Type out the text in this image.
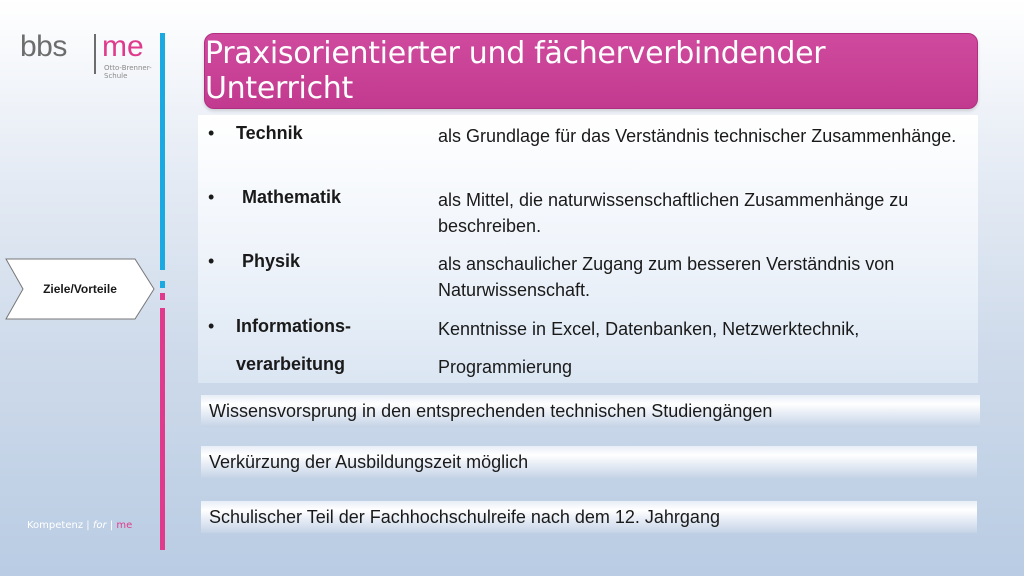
bbs me
Otto-Brenner-Schule
Ziele/Vorteile
Kompetenz | for | me
Praxisorientierter und fächerverbindender Unterricht
• Technik	als Grundlage für das Verständnis technischer Zusammenhänge.
• Mathematik	als Mittel, die naturwissenschaftlichen Zusammenhänge zu beschreiben.
• Physik	als anschaulicher Zugang zum besseren Verständnis von Naturwissenschaft.
• Informations-	Kenntnisse in Excel, Datenbanken, Netzwerktechnik,
verarbeitung	Programmierung
Wissensvorsprung in den entsprechenden technischen Studiengängen
Verkürzung der Ausbildungszeit möglich
Schulischer Teil der Fachhochschulreife nach dem 12. Jahrgang
